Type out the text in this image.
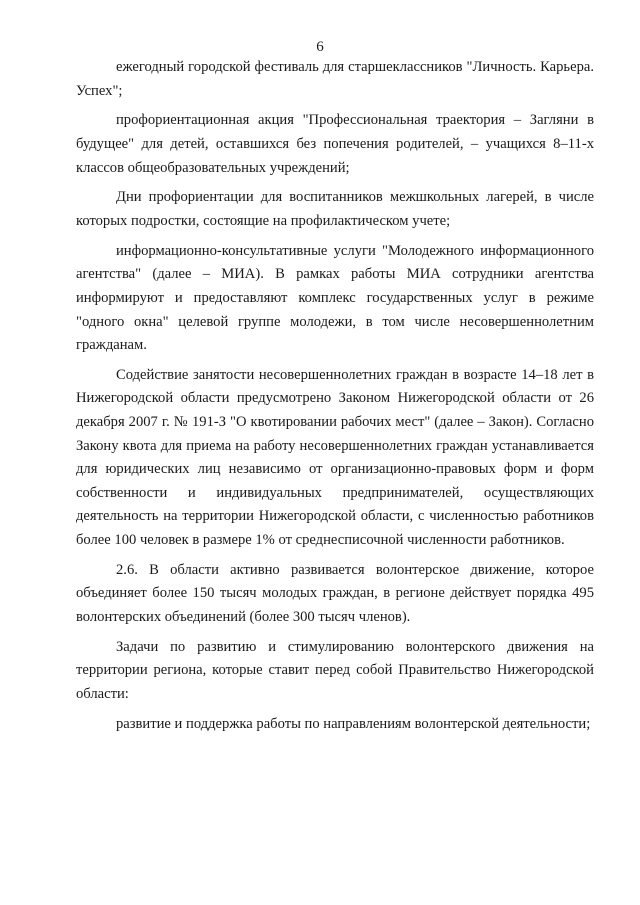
6

ежегодный городской фестиваль для старшеклассников "Личность. Карьера. Успех";

профориентационная акция "Профессиональная траектория – Загляни в будущее" для детей, оставшихся без попечения родителей, – учащихся 8–11-х классов общеобразовательных учреждений;

Дни профориентации для воспитанников межшкольных лагерей, в числе которых подростки, состоящие на профилактическом учете;

информационно-консультативные услуги "Молодежного информационного агентства" (далее – МИА). В рамках работы МИА сотрудники агентства информируют и предоставляют комплекс государственных услуг в режиме "одного окна" целевой группе молодежи, в том числе несовершеннолетним гражданам.

Содействие занятости несовершеннолетних граждан в возрасте 14–18 лет в Нижегородской области предусмотрено Законом Нижегородской области от 26 декабря 2007 г. № 191-З "О квотировании рабочих мест" (далее – Закон). Согласно Закону квота для приема на работу несовершеннолетних граждан устанавливается для юридических лиц независимо от организационно-правовых форм и форм собственности и индивидуальных предпринимателей, осуществляющих деятельность на территории Нижегородской области, с численностью работников более 100 человек в размере 1% от среднесписочной численности работников.

2.6. В области активно развивается волонтерское движение, которое объединяет более 150 тысяч молодых граждан, в регионе действует порядка 495 волонтерских объединений (более 300 тысяч членов).

Задачи по развитию и стимулированию волонтерского движения на территории региона, которые ставит перед собой Правительство Нижегородской области:

развитие и поддержка работы по направлениям волонтерской деятельности;
